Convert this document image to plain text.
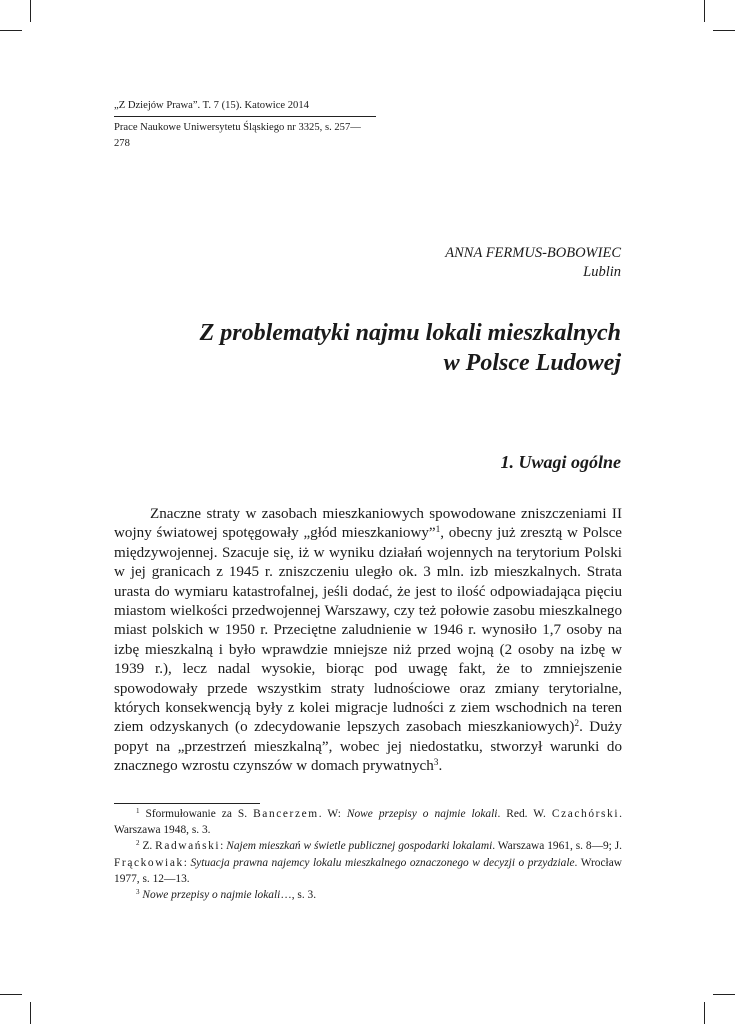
„Z Dziejów Prawa”. T. 7 (15). Katowice 2014
Prace Naukowe Uniwersytetu Śląskiego nr 3325, s. 257—278
ANNA FERMUS-BOBOWIEC
Lublin
Z problematyki najmu lokali mieszkalnych
w Polsce Ludowej
1. Uwagi ogólne

Znaczne straty w zasobach mieszkaniowych spowodowane zniszczeniami II wojny światowej spotęgowały „głód mieszkaniowy”$^1$, obecny już zresztą w Polsce międzywojennej. Szacuje się, iż w wyniku działań wojennych na terytorium Polski w jej granicach z 1945 r. zniszczeniu uległo ok. 3 mln. izb mieszkalnych. Strata urasta do wymiaru katastrofalnej, jeśli dodać, że jest to ilość odpowiadająca pięciu miastom wielkości przedwojennej Warszawy, czy też połowie zasobu mieszkalnego miast polskich w 1950 r. Przeciętne zaludnienie w 1946 r. wynosiło 1,7 osoby na izbę mieszkalną i było wprawdzie mniejsze niż przed wojną (2 osoby na izbę w 1939 r.), lecz nadal wysokie, biorąc pod uwagę fakt, że to zmniejszenie spowodowały przede wszystkim straty ludnościowe oraz zmiany terytorialne, których konsekwencją były z kolei migracje ludności z ziem wschodnich na teren ziem odzyskanych (o zdecydowanie lepszych zasobach mieszkaniowych)$^2$. Duży popyt na „przestrzeń mieszkalną”, wobec jej niedostatku, stworzył warunki do znacznego wzrostu czynszów w domach prywatnych$^3$.

$^1$ Sformułowanie za S. Bancerzem. W: Nowe przepisy o najmie lokali. Red. W. Czachórski. Warszawa 1948, s. 3.

$^2$ Z. Radwański: Najem mieszkań w świetle publicznej gospodarki lokalami. Warszawa 1961, s. 8—9; J. Frąckowiak: Sytuacja prawna najemcy lokalu mieszkalnego oznaczonego w decyzji o przydziale. Wrocław 1977, s. 12—13.

$^3$ Nowe przepisy o najmie lokali…, s. 3.
